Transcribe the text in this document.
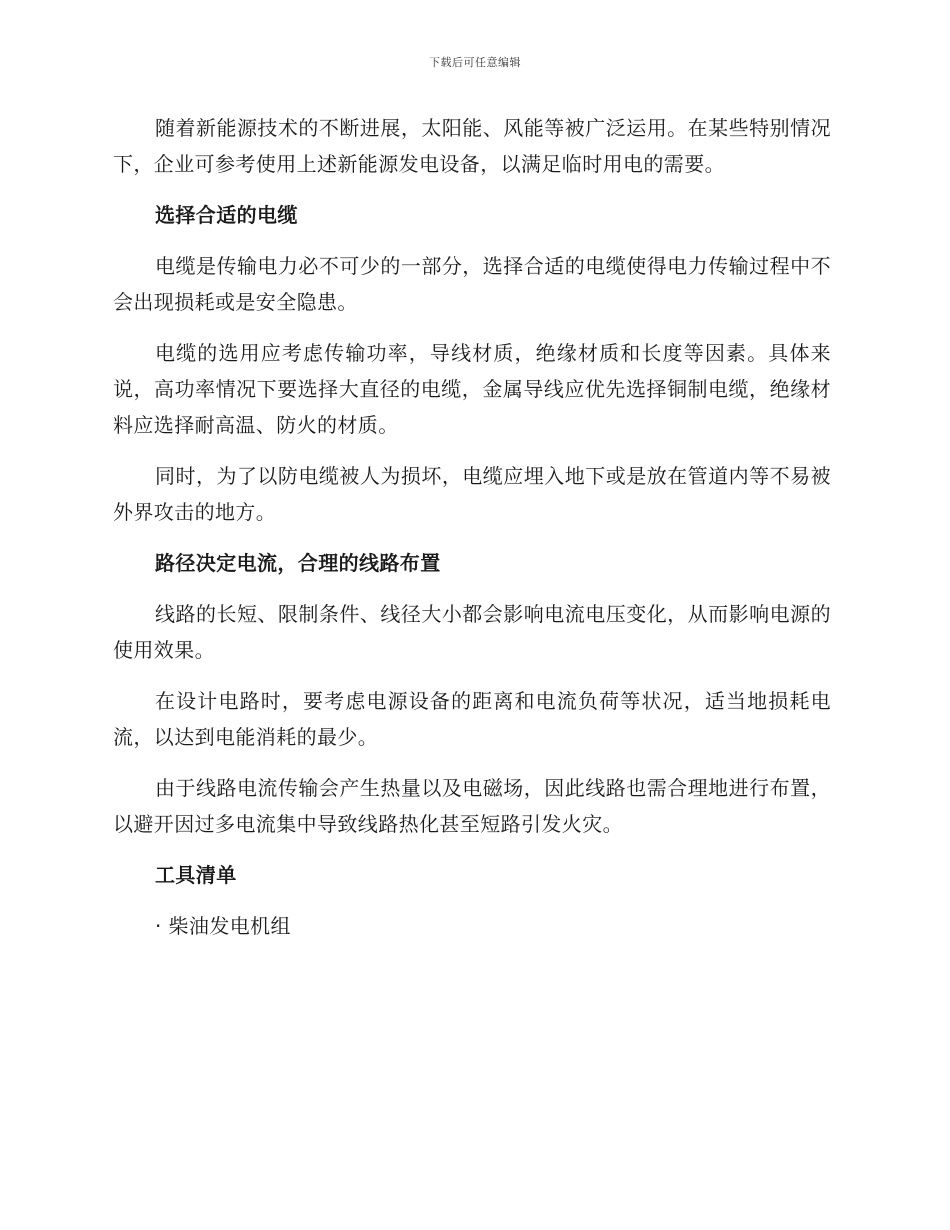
下载后可任意编辑

随着新能源技术的不断进展，太阳能、风能等被广泛运用。在某些特别情况下，企业可参考使用上述新能源发电设备，以满足临时用电的需要。

选择合适的电缆

电缆是传输电力必不可少的一部分，选择合适的电缆使得电力传输过程中不会出现损耗或是安全隐患。

电缆的选用应考虑传输功率，导线材质，绝缘材质和长度等因素。具体来说，高功率情况下要选择大直径的电缆，金属导线应优先选择铜制电缆，绝缘材料应选择耐高温、防火的材质。

同时，为了以防电缆被人为损坏，电缆应埋入地下或是放在管道内等不易被外界攻击的地方。

路径决定电流，合理的线路布置

线路的长短、限制条件、线径大小都会影响电流电压变化，从而影响电源的使用效果。

在设计电路时，要考虑电源设备的距离和电流负荷等状况，适当地损耗电流，以达到电能消耗的最少。

由于线路电流传输会产生热量以及电磁场，因此线路也需合理地进行布置，以避开因过多电流集中导致线路热化甚至短路引发火灾。

工具清单
· 柴油发电机组
